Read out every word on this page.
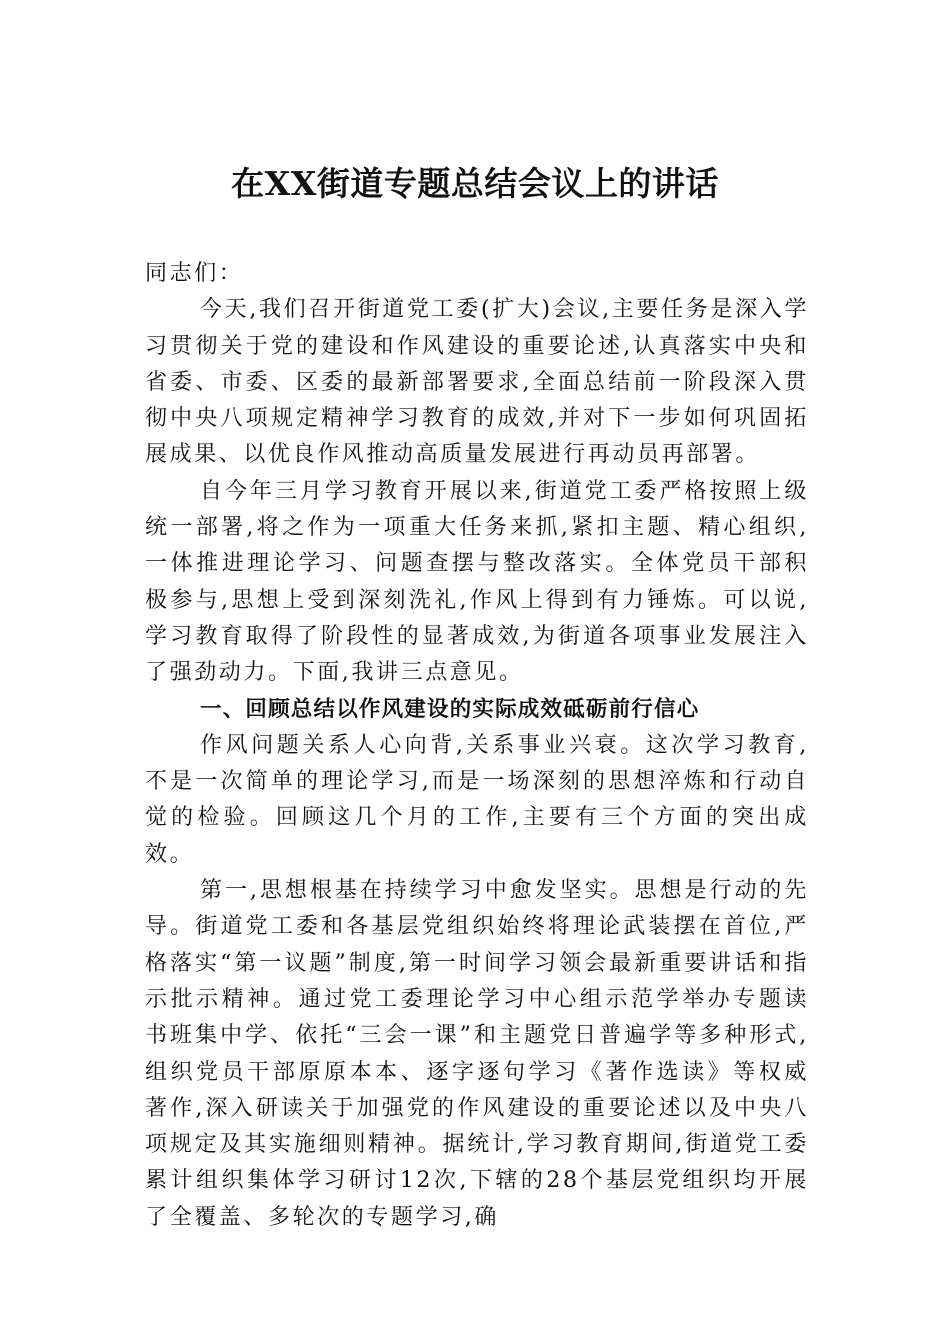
在XX街道专题总结会议上的讲话

同志们：

今天,我们召开街道党工委(扩大)会议,主要任务是深入学习贯彻关于党的建设和作风建设的重要论述,认真落实中央和省委、市委、区委的最新部署要求,全面总结前一阶段深入贯彻中央八项规定精神学习教育的成效,并对下一步如何巩固拓展成果、以优良作风推动高质量发展进行再动员再部署。

自今年三月学习教育开展以来,街道党工委严格按照上级统一部署,将之作为一项重大任务来抓,紧扣主题、精心组织,一体推进理论学习、问题查摆与整改落实。全体党员干部积极参与,思想上受到深刻洗礼,作风上得到有力锤炼。可以说,学习教育取得了阶段性的显著成效,为街道各项事业发展注入了强劲动力。下面,我讲三点意见。

一、回顾总结以作风建设的实际成效砥砺前行信心

作风问题关系人心向背,关系事业兴衰。这次学习教育,不是一次简单的理论学习,而是一场深刻的思想淬炼和行动自觉的检验。回顾这几个月的工作,主要有三个方面的突出成效。

第一,思想根基在持续学习中愈发坚实。思想是行动的先导。街道党工委和各基层党组织始终将理论武装摆在首位,严格落实“第一议题”制度,第一时间学习领会最新重要讲话和指示批示精神。通过党工委理论学习中心组示范学举办专题读书班集中学、依托“三会一课”和主题党日普遍学等多种形式,组织党员干部原原本本、逐字逐句学习《著作选读》等权威著作,深入研读关于加强党的作风建设的重要论述以及中央八项规定及其实施细则精神。据统计,学习教育期间,街道党工委累计组织集体学习研讨12次,下辖的28个基层党组织均开展了全覆盖、多轮次的专题学习,确
